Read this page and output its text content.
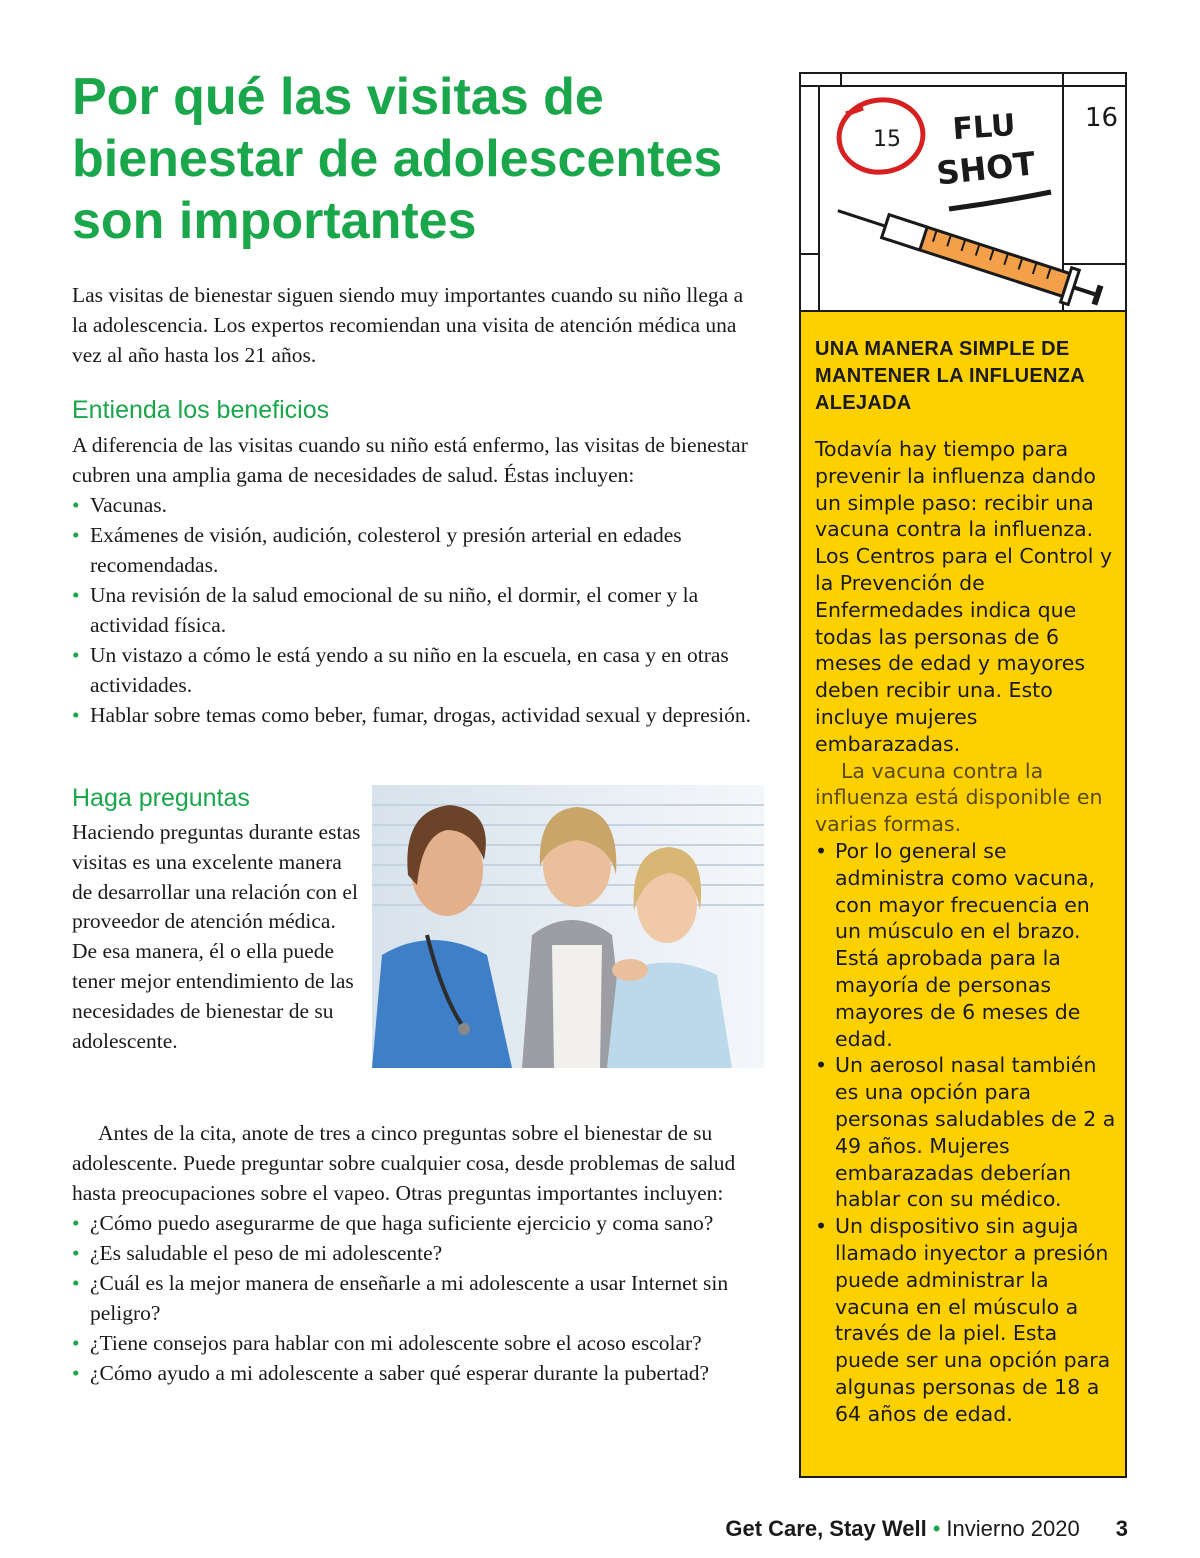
Por qué las visitas de bienestar de adolescentes son importantes

Las visitas de bienestar siguen siendo muy importantes cuando su niño llega a la adolescencia. Los expertos recomiendan una visita de atención médica una vez al año hasta los 21 años.

Entienda los beneficios

A diferencia de las visitas cuando su niño está enfermo, las visitas de bienestar cubren una amplia gama de necesidades de salud. Éstas incluyen:

• Vacunas.
• Exámenes de visión, audición, colesterol y presión arterial en edades recomendadas.
• Una revisión de la salud emocional de su niño, el dormir, el comer y la actividad física.
• Un vistazo a cómo le está yendo a su niño en la escuela, en casa y en otras actividades.
• Hablar sobre temas como beber, fumar, drogas, actividad sexual y depresión.
Haga preguntas

Haciendo preguntas durante estas visitas es una excelente manera de desarrollar una relación con el proveedor de atención médica. De esa manera, él o ella puede tener mejor entendimiento de las necesidades de bienestar de su adolescente.

Antes de la cita, anote de tres a cinco preguntas sobre el bienestar de su adolescente. Puede preguntar sobre cualquier cosa, desde problemas de salud hasta preocupaciones sobre el vapeo. Otras preguntas importantes incluyen:

• ¿Cómo puedo asegurarme de que haga suficiente ejercicio y coma sano?
• ¿Es saludable el peso de mi adolescente?
• ¿Cuál es la mejor manera de enseñarle a mi adolescente a usar Internet sin peligro?
• ¿Tiene consejos para hablar con mi adolescente sobre el acoso escolar?
• ¿Cómo ayudo a mi adolescente a saber qué esperar durante la pubertad?
15
16
FLU
SHOT
UNA MANERA SIMPLE DE MANTENER LA INFLUENZA ALEJADA

Todavía hay tiempo para prevenir la influenza dando un simple paso: recibir una vacuna contra la influenza. Los Centros para el Control y la Prevención de Enfermedades indica que todas las personas de 6 meses de edad y mayores deben recibir una. Esto incluye mujeres embarazadas.

La vacuna contra la influenza está disponible en varias formas.

• Por lo general se administra como vacuna, con mayor frecuencia en un músculo en el brazo. Está aprobada para la mayoría de personas mayores de 6 meses de edad.
• Un aerosol nasal también es una opción para personas saludables de 2 a 49 años. Mujeres embarazadas deberían hablar con su médico.
• Un dispositivo sin aguja llamado inyector a presión puede administrar la vacuna en el músculo a través de la piel. Esta puede ser una opción para algunas personas de 18 a 64 años de edad.
Get Care, Stay Well • Invierno 2020 3
